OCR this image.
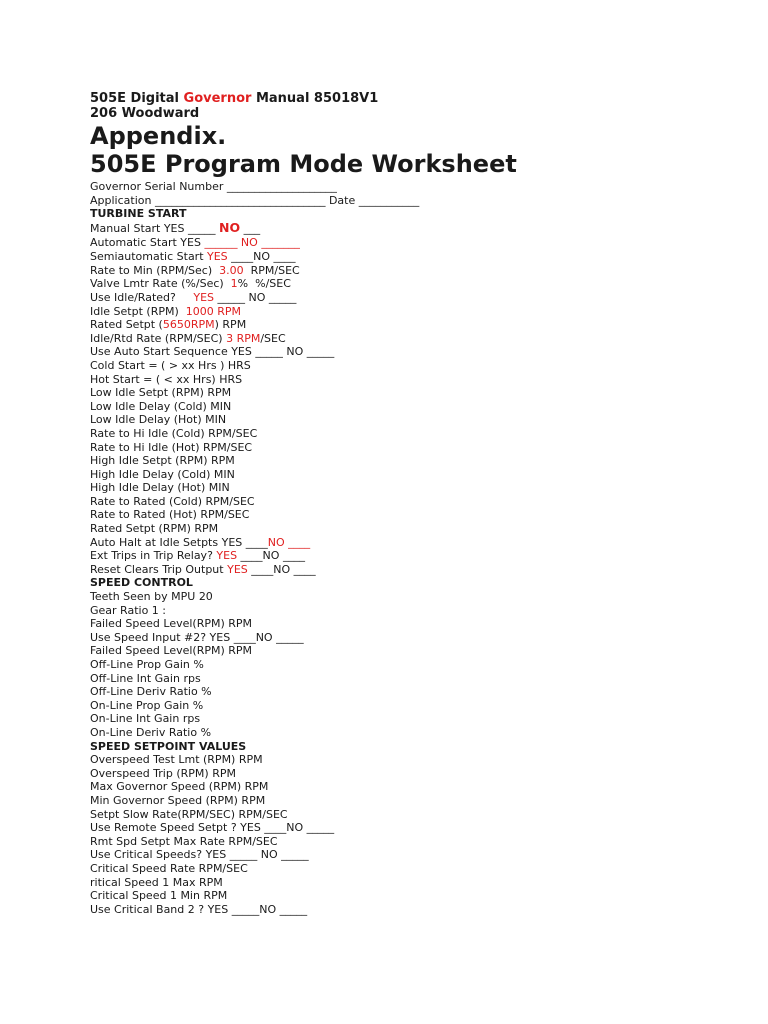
505E Digital Governor Manual 85018V1
206 Woodward
Appendix.
505E Program Mode Worksheet
Governor Serial Number ____________________
Application _______________________________ Date ___________
TURBINE START
Manual Start YES _____ NO ___
Automatic Start YES ______ NO _______
Semiautomatic Start YES ____NO ____
Rate to Min (RPM/Sec)  3.00  RPM/SEC
Valve Lmtr Rate (%/Sec)  1%  %/SEC
Use Idle/Rated?     YES _____ NO _____
Idle Setpt (RPM)  1000 RPM
Rated Setpt (5650RPM) RPM
Idle/Rtd Rate (RPM/SEC) 3 RPM/SEC
Use Auto Start Sequence YES _____ NO _____
Cold Start = ( > xx Hrs ) HRS
Hot Start = ( < xx Hrs) HRS
Low Idle Setpt (RPM) RPM
Low Idle Delay (Cold) MIN
Low Idle Delay (Hot) MIN
Rate to Hi Idle (Cold) RPM/SEC
Rate to Hi Idle (Hot) RPM/SEC
High Idle Setpt (RPM) RPM
High Idle Delay (Cold) MIN
High Idle Delay (Hot) MIN
Rate to Rated (Cold) RPM/SEC
Rate to Rated (Hot) RPM/SEC
Rated Setpt (RPM) RPM
Auto Halt at Idle Setpts YES ____NO ____
Ext Trips in Trip Relay? YES ____NO ____
Reset Clears Trip Output YES ____NO ____
SPEED CONTROL
Teeth Seen by MPU 20
Gear Ratio 1 :
Failed Speed Level(RPM) RPM
Use Speed Input #2? YES ____NO _____
Failed Speed Level(RPM) RPM
Off-Line Prop Gain %
Off-Line Int Gain rps
Off-Line Deriv Ratio %
On-Line Prop Gain %
On-Line Int Gain rps
On-Line Deriv Ratio %
SPEED SETPOINT VALUES
Overspeed Test Lmt (RPM) RPM
Overspeed Trip (RPM) RPM
Max Governor Speed (RPM) RPM
Min Governor Speed (RPM) RPM
Setpt Slow Rate(RPM/SEC) RPM/SEC
Use Remote Speed Setpt ? YES ____NO _____
Rmt Spd Setpt Max Rate RPM/SEC
Use Critical Speeds? YES _____ NO _____
Critical Speed Rate RPM/SEC
ritical Speed 1 Max RPM
Critical Speed 1 Min RPM
Use Critical Band 2 ? YES _____NO _____
